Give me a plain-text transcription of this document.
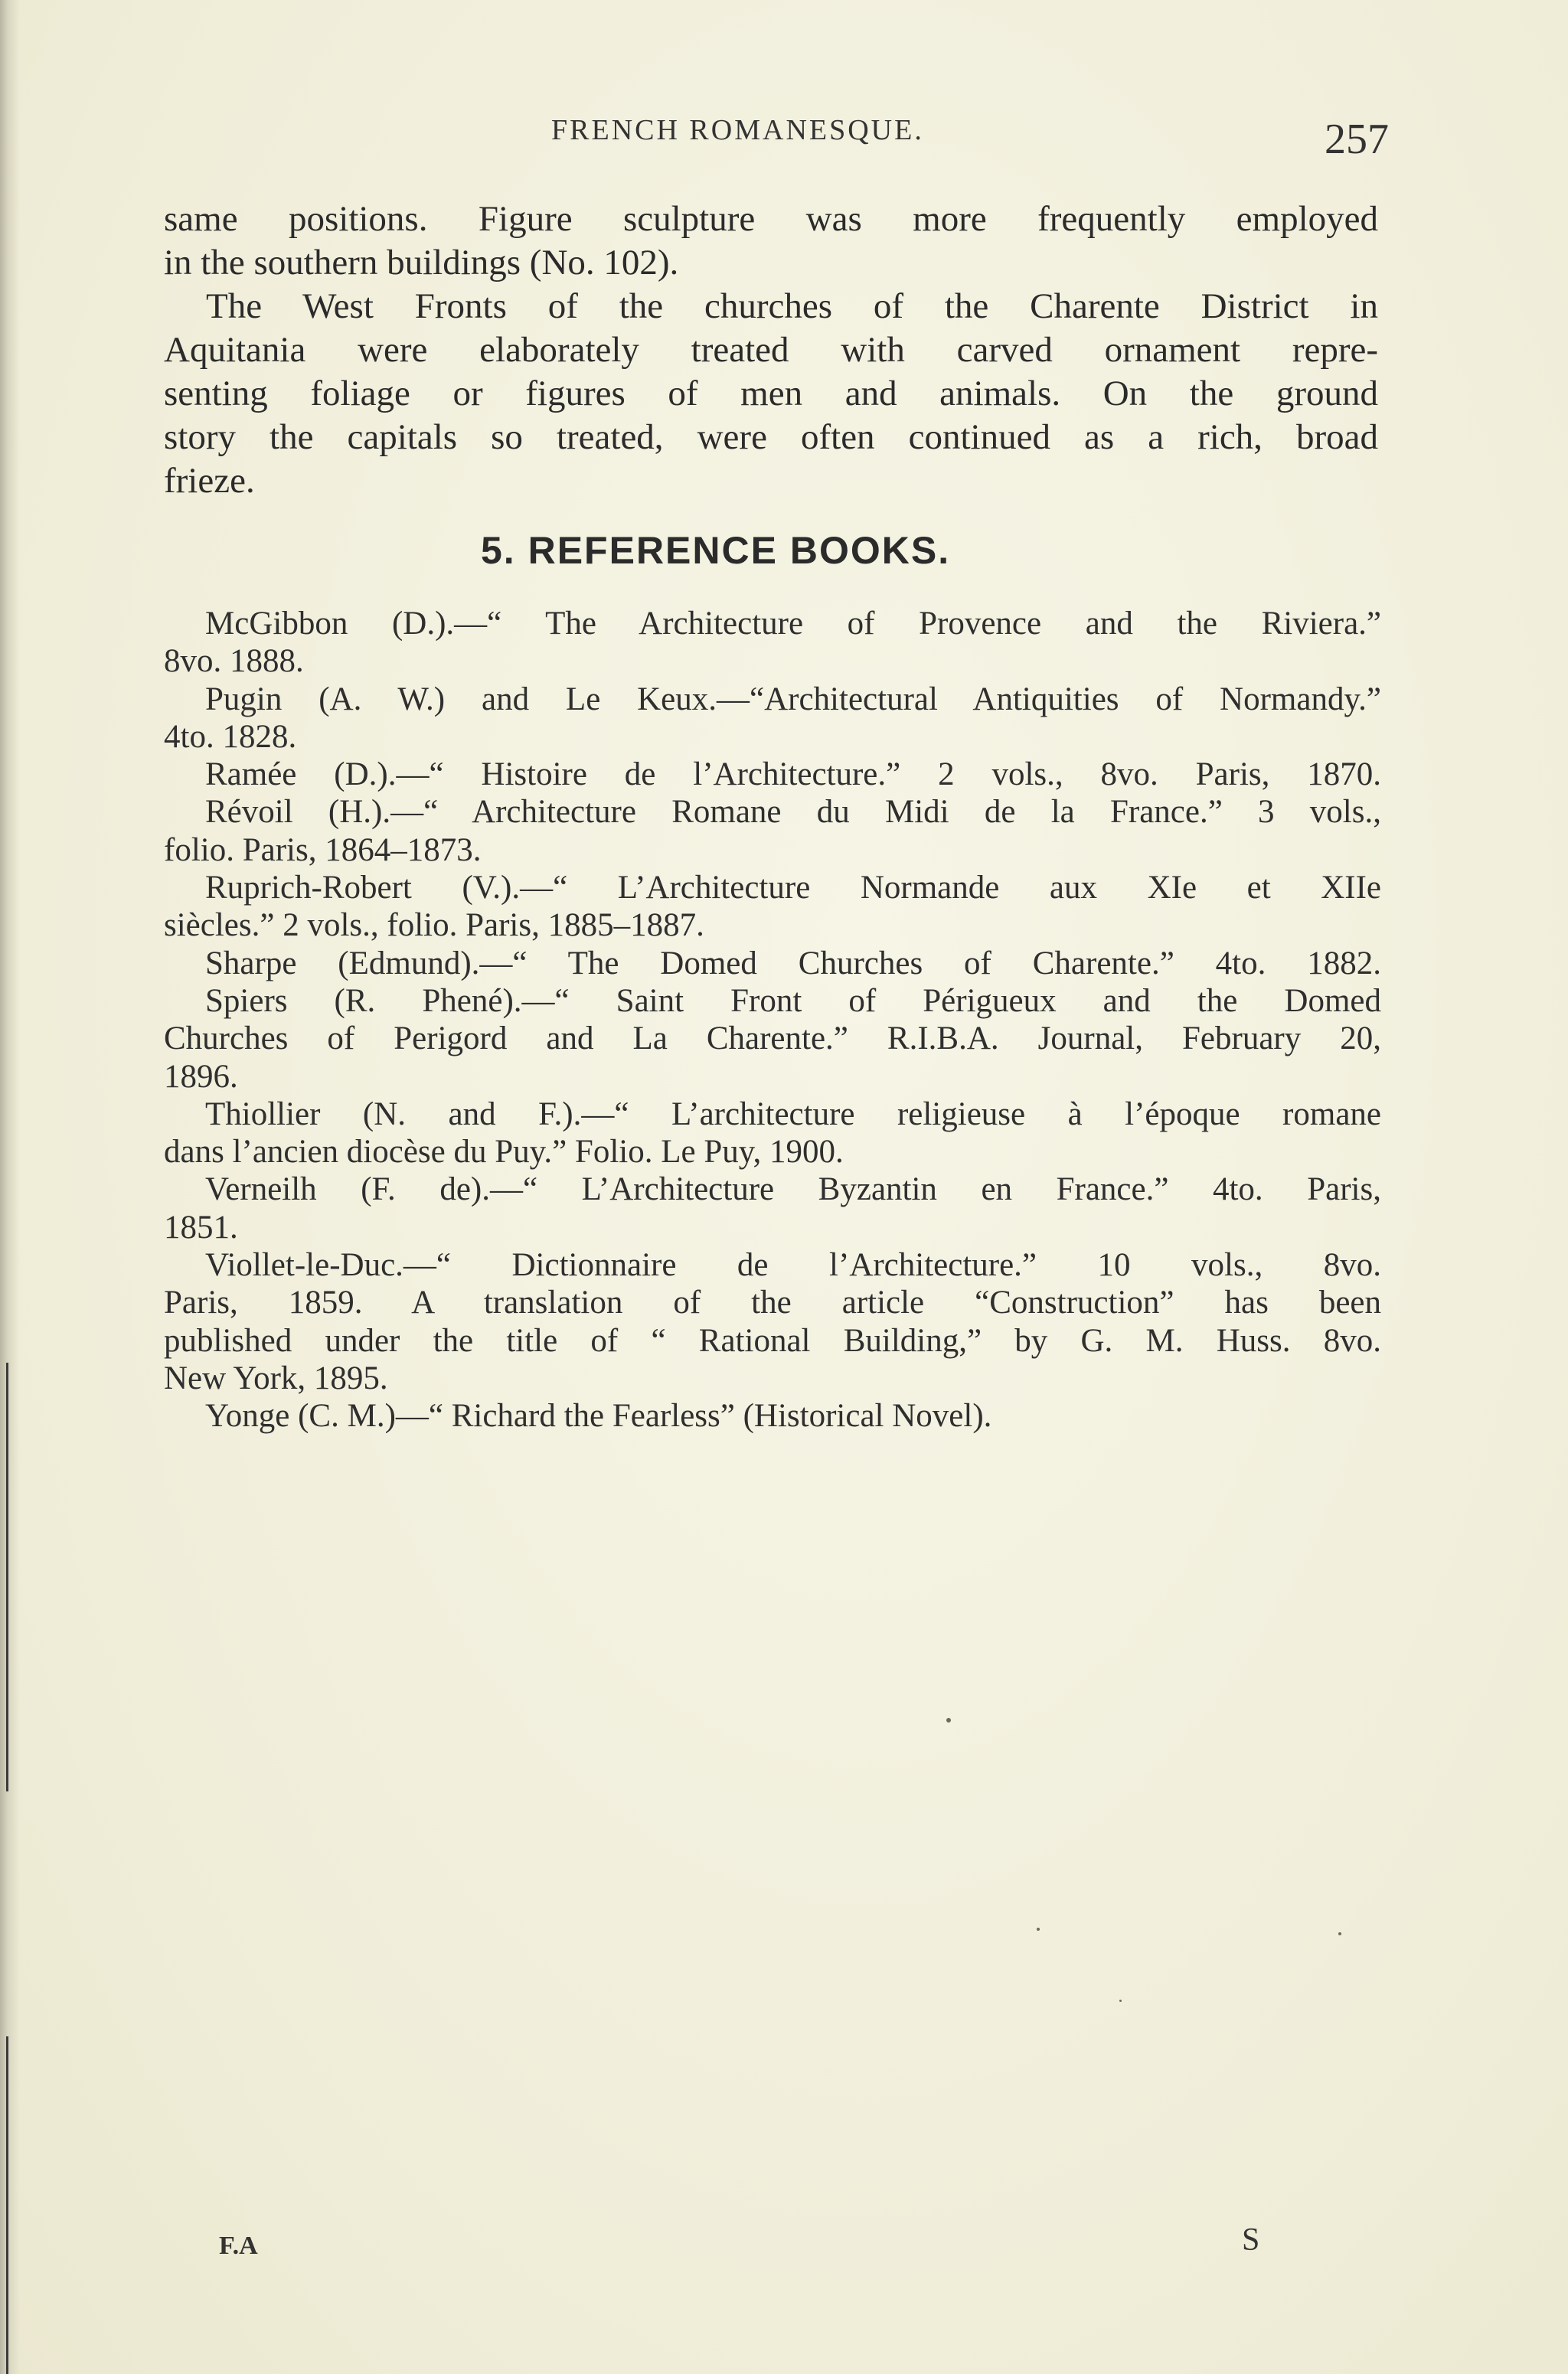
FRENCH ROMANESQUE.	257
same positions. Figure sculpture was more frequently employed
in the southern buildings (No. 102).
The West Fronts of the churches of the Charente District in
Aquitania were elaborately treated with carved ornament repre-
senting foliage or figures of men and animals. On the ground
story the capitals so treated, were often continued as a rich, broad
frieze.
5. REFERENCE BOOKS.
McGibbon (D.).—“ The Architecture of Provence and the Riviera.”
8vo. 1888.
Pugin (A. W.) and Le Keux.—“Architectural Antiquities of Normandy.”
4to. 1828.
Ramée (D.).—“ Histoire de l’Architecture.” 2 vols., 8vo. Paris, 1870.
Révoil (H.).—“ Architecture Romane du Midi de la France.” 3 vols.,
folio. Paris, 1864–1873.
Ruprich-Robert (V.).—“ L’Architecture Normande aux XIe et XIIe
siècles.” 2 vols., folio. Paris, 1885–1887.
Sharpe (Edmund).—“ The Domed Churches of Charente.” 4to. 1882.
Spiers (R. Phené).—“ Saint Front of Périgueux and the Domed
Churches of Perigord and La Charente.” R.I.B.A. Journal, February 20,
1896.
Thiollier (N. and F.).—“ L’architecture religieuse à l’époque romane
dans l’ancien diocèse du Puy.” Folio. Le Puy, 1900.
Verneilh (F. de).—“ L’Architecture Byzantin en France.” 4to. Paris,
1851.
Viollet-le-Duc.—“ Dictionnaire de l’Architecture.” 10 vols., 8vo.
Paris, 1859. A translation of the article “Construction” has been
published under the title of “ Rational Building,” by G. M. Huss. 8vo.
New York, 1895.
Yonge (C. M.)—“ Richard the Fearless” (Historical Novel).
F.A	S
